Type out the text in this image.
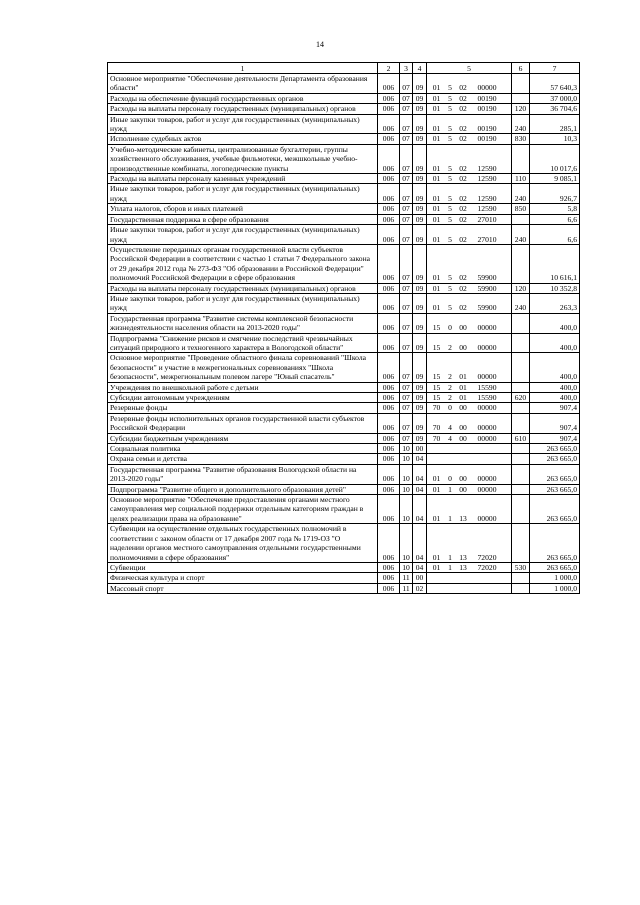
14
1	2	3	4	5	6	7
Основное мероприятие "Обеспечение деятельности Департамента образования области"	006	07	09	01 5 02 00000		57 640,3
Расходы на обеспечение функций государственных органов	006	07	09	01 5 02 00190		37 000,0
Расходы на выплаты персоналу государственных (муниципальных) органов	006	07	09	01 5 02 00190	120	36 704,6
Иные закупки товаров, работ и услуг для государственных (муниципальных) нужд	006	07	09	01 5 02 00190	240	285,1
Исполнение судебных актов	006	07	09	01 5 02 00190	830	10,3
Учебно-методические кабинеты, централизованные бухгалтерии, группы хозяйственного обслуживания, учебные фильмотеки, межшкольные учебно-производственные комбинаты, логопедические пункты	006	07	09	01 5 02 12590		10 017,6
Расходы на выплаты персоналу казенных учреждений	006	07	09	01 5 02 12590	110	9 085,1
Иные закупки товаров, работ и услуг для государственных (муниципальных) нужд	006	07	09	01 5 02 12590	240	926,7
Уплата налогов, сборов и иных платежей	006	07	09	01 5 02 12590	850	5,8
Государственная поддержка в сфере образования	006	07	09	01 5 02 27010		6,6
Иные закупки товаров, работ и услуг для государственных (муниципальных) нужд	006	07	09	01 5 02 27010	240	6,6
Осуществление переданных органам государственной власти субъектов Российской Федерации в соответствии с частью 1 статьи 7 Федерального закона от 29 декабря 2012 года № 273-ФЗ "Об образовании в Российской Федерации" полномочий Российской Федерации в сфере образования	006	07	09	01 5 02 59900		10 616,1
Расходы на выплаты персоналу государственных (муниципальных) органов	006	07	09	01 5 02 59900	120	10 352,8
Иные закупки товаров, работ и услуг для государственных (муниципальных) нужд	006	07	09	01 5 02 59900	240	263,3
Государственная программа "Развитие системы комплексной безопасности жизнедеятельности населения области на 2013-2020 годы"	006	07	09	15 0 00 00000		400,0
Подпрограмма "Снижение рисков и смягчение последствий чрезвычайных ситуаций природного и техногенного характера в Вологодской области"	006	07	09	15 2 00 00000		400,0
Основное мероприятие "Проведение областного финала соревнований "Школа безопасности" и участие в межрегиональных соревнованиях "Школа безопасности", межрегиональным полевом лагере "Юный спасатель"	006	07	09	15 2 01 00000		400,0
Учреждения по внешкольной работе с детьми	006	07	09	15 2 01 15590		400,0
Субсидии автономным учреждениям	006	07	09	15 2 01 15590	620	400,0
Резервные фонды	006	07	09	70 0 00 00000		907,4
Резервные фонды исполнительных органов государственной власти субъектов Российской Федерации	006	07	09	70 4 00 00000		907,4
Субсидии бюджетным учреждениям	006	07	09	70 4 00 00000	610	907,4
Социальная политика	006	10	00			263 665,0
Охрана семьи и детства	006	10	04			263 665,0
Государственная программа "Развитие образования Вологодской области на 2013-2020 годы"	006	10	04	01 0 00 00000		263 665,0
Подпрограмма "Развитие общего и дополнительного образования детей"	006	10	04	01 1 00 00000		263 665,0
Основное мероприятие "Обеспечение предоставления органами местного самоуправления мер социальной поддержки отдельным категориям граждан в целях реализации права на образование"	006	10	04	01 1 13 00000		263 665,0
Субвенции на осуществление отдельных государственных полномочий в соответствии с законом области от 17 декабря 2007 года № 1719-ОЗ "О наделении органов местного самоуправления отдельными государственными полномочиями в сфере образования"	006	10	04	01 1 13 72020		263 665,0
Субвенции	006	10	04	01 1 13 72020	530	263 665,0
Физическая культура и спорт	006	11	00			1 000,0
Массовый спорт	006	11	02			1 000,0
